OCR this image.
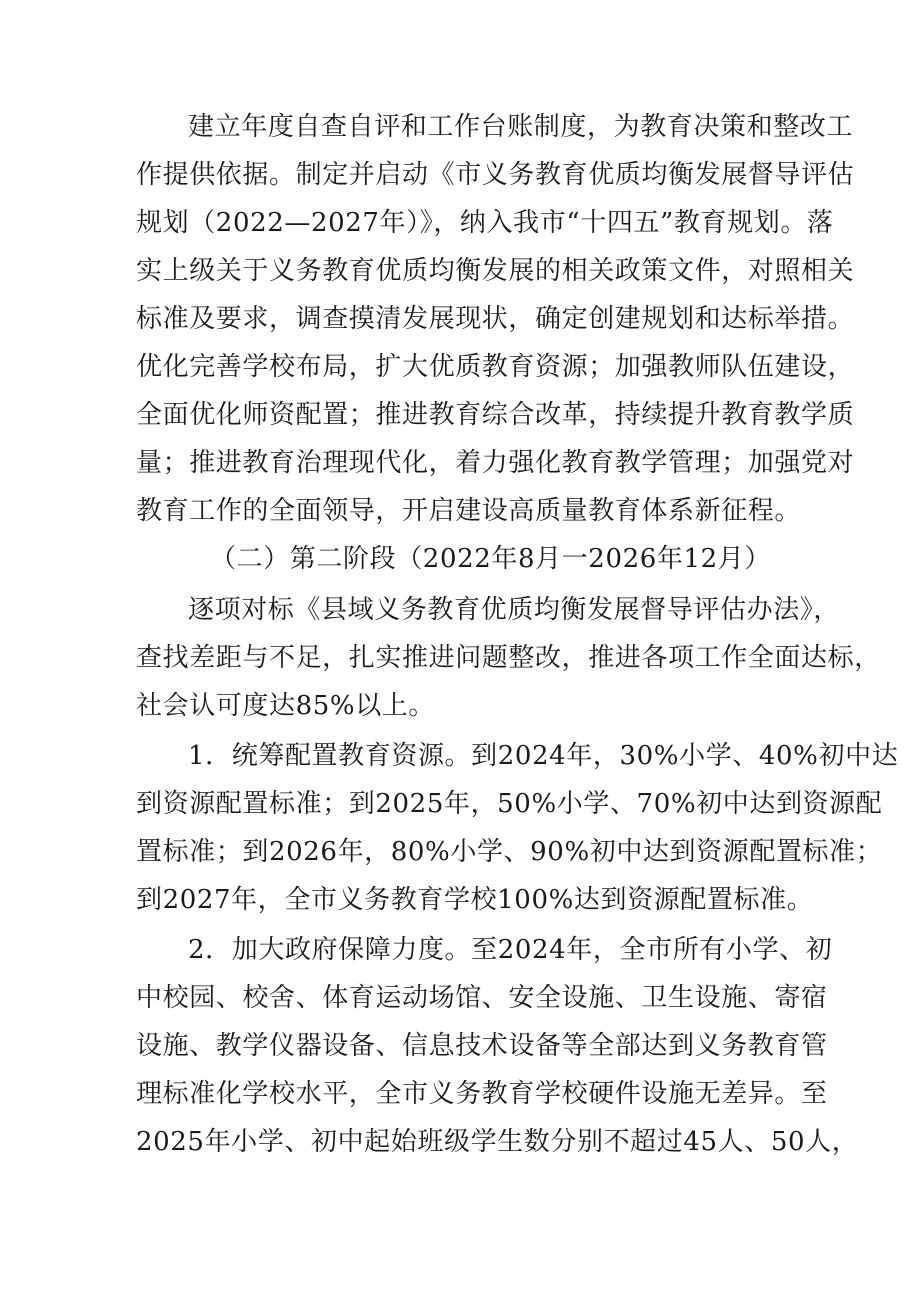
建立年度自查自评和工作台账制度，为教育决策和整改工
作提供依据。制定并启动《市义务教育优质均衡发展督导评估
规划（2022—2027年）》，纳入我市“十四五”教育规划。落
实上级关于义务教育优质均衡发展的相关政策文件，对照相关
标准及要求，调查摸清发展现状，确定创建规划和达标举措。
优化完善学校布局，扩大优质教育资源；加强教师队伍建设，
全面优化师资配置；推进教育综合改革，持续提升教育教学质
量；推进教育治理现代化，着力强化教育教学管理；加强党对
教育工作的全面领导，开启建设高质量教育体系新征程。
（二）第二阶段（2022年8月一2026年12月）
逐项对标《县域义务教育优质均衡发展督导评估办法》，
查找差距与不足，扎实推进问题整改，推进各项工作全面达标，
社会认可度达85%以上。
1．统筹配置教育资源。到2024年，30%小学、40%初中达
到资源配置标准；到2025年，50%小学、70%初中达到资源配
置标准；到2026年，80%小学、90%初中达到资源配置标准；
到2027年，全市义务教育学校100%达到资源配置标准。
2．加大政府保障力度。至2024年，全市所有小学、初
中校园、校舍、体育运动场馆、安全设施、卫生设施、寄宿
设施、教学仪器设备、信息技术设备等全部达到义务教育管
理标准化学校水平，全市义务教育学校硬件设施无差异。至
2025年小学、初中起始班级学生数分别不超过45人、50人，
